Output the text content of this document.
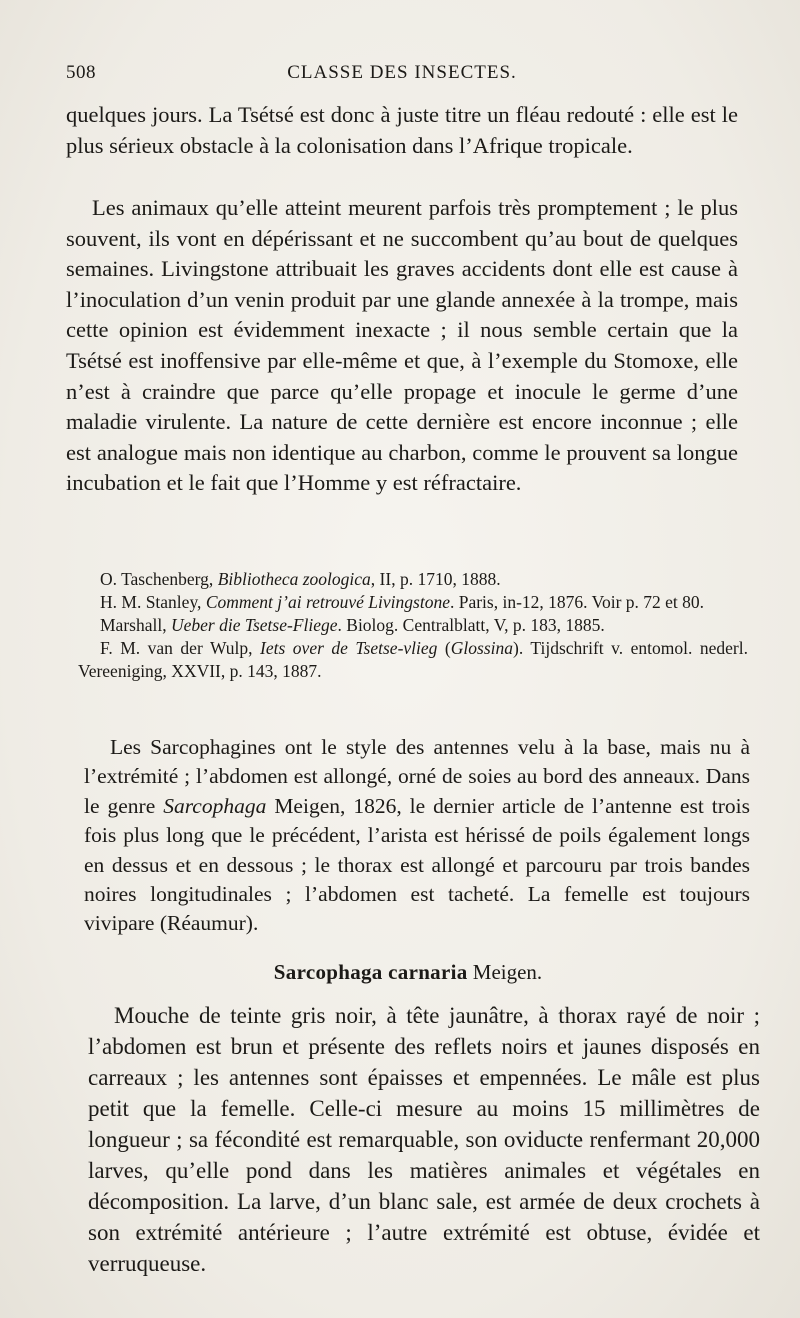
508	CLASSE DES INSECTES.

quelques jours. La Tsétsé est donc à juste titre un fléau redouté : elle est le plus sérieux obstacle à la colonisation dans l’Afrique tropicale.

Les animaux qu’elle atteint meurent parfois très promptement ; le plus souvent, ils vont en dépérissant et ne succombent qu’au bout de quelques semaines. Livingstone attribuait les graves accidents dont elle est cause à l’inoculation d’un venin produit par une glande annexée à la trompe, mais cette opinion est évidemment inexacte ; il nous semble certain que la Tsétsé est inoffensive par elle-même et que, à l’exemple du Stomoxe, elle n’est à craindre que parce qu’elle propage et inocule le germe d’une maladie virulente. La nature de cette dernière est encore inconnue ; elle est analogue mais non identique au charbon, comme le prouvent sa longue incubation et le fait que l’Homme y est réfractaire.

O. Taschenberg, Bibliotheca zoologica, II, p. 1710, 1888.

H. M. Stanley, Comment j’ai retrouvé Livingstone. Paris, in-12, 1876. Voir p. 72 et 80.

Marshall, Ueber die Tsetse-Fliege. Biolog. Centralblatt, V, p. 183, 1885.

F. M. van der Wulp, Iets over de Tsetse-vlieg (Glossina). Tijdschrift v. entomol. nederl. Vereeniging, XXVII, p. 143, 1887.

Les Sarcophagines ont le style des antennes velu à la base, mais nu à l’extrémité ; l’abdomen est allongé, orné de soies au bord des anneaux. Dans le genre Sarcophaga Meigen, 1826, le dernier article de l’antenne est trois fois plus long que le précédent, l’arista est hérissé de poils également longs en dessus et en dessous ; le thorax est allongé et parcouru par trois bandes noires longitudinales ; l’abdomen est tacheté. La femelle est toujours vivipare (Réaumur).

Sarcophaga carnaria Meigen.

Mouche de teinte gris noir, à tête jaunâtre, à thorax rayé de noir ; l’abdomen est brun et présente des reflets noirs et jaunes disposés en carreaux ; les antennes sont épaisses et empennées. Le mâle est plus petit que la femelle. Celle-ci mesure au moins 15 millimètres de longueur ; sa fécondité est remarquable, son oviducte renfermant 20,000 larves, qu’elle pond dans les matières animales et végétales en décomposition. La larve, d’un blanc sale, est armée de deux crochets à son extrémité antérieure ; l’autre extrémité est obtuse, évidée et verruqueuse.
